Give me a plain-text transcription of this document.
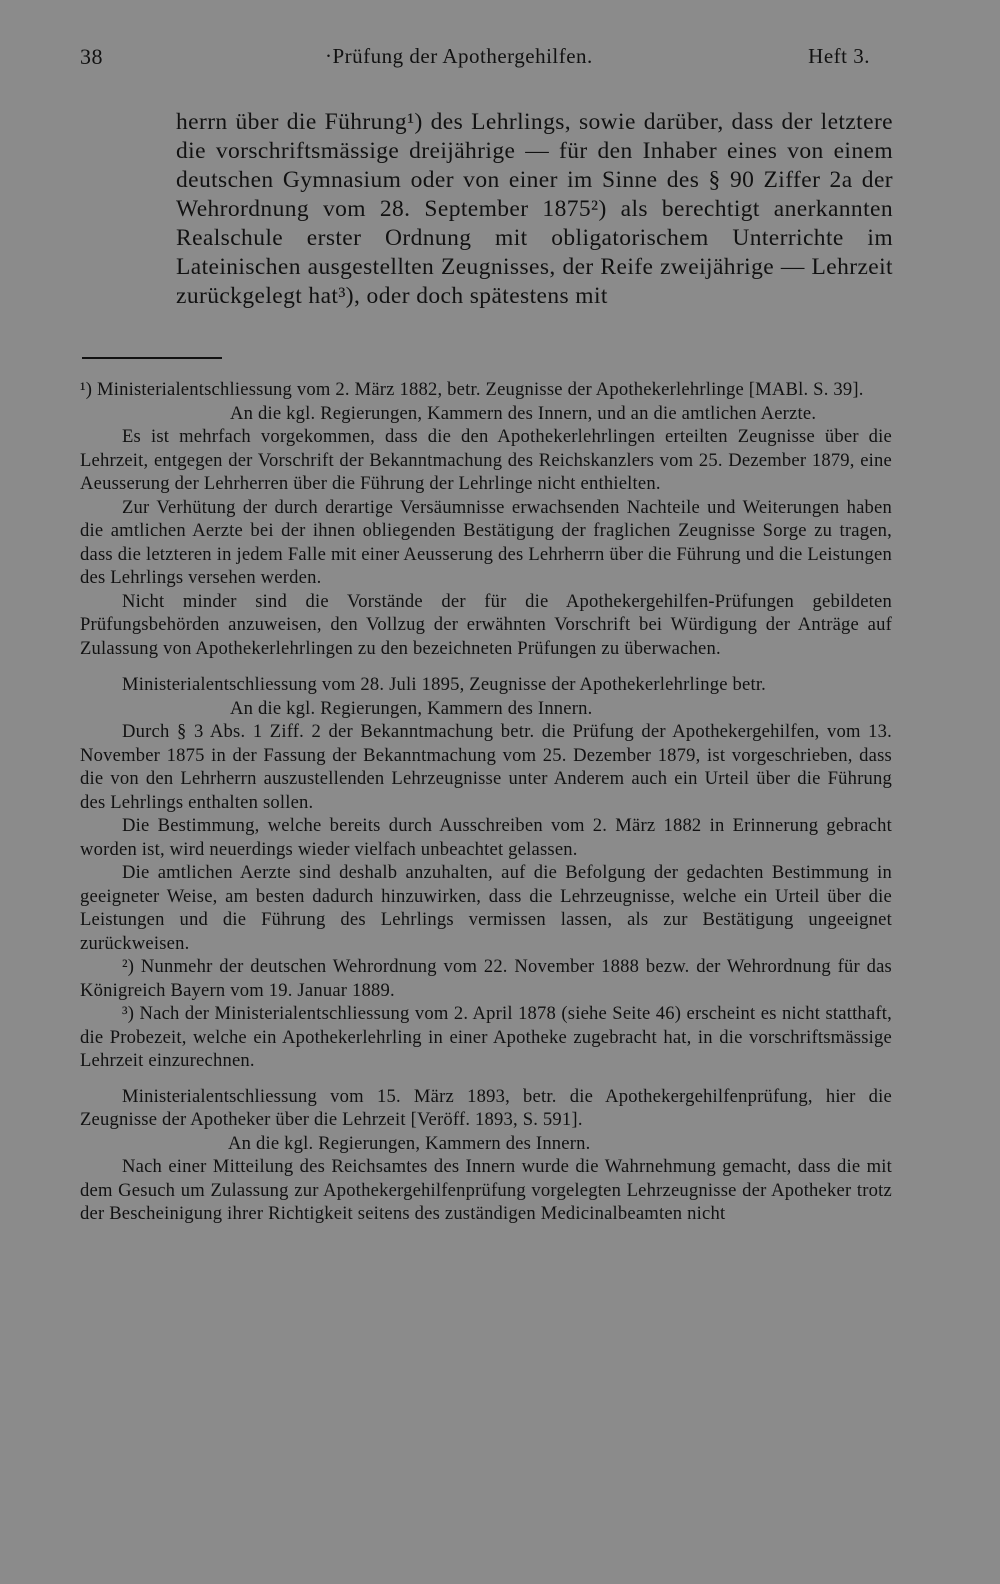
38	·Prüfung der Apothergehilfen.	Heft 3.

herrn über die Führung¹) des Lehrlings, sowie darüber, dass der letztere die vorschriftsmässige dreijährige — für den Inhaber eines von einem deutschen Gymnasium oder von einer im Sinne des § 90 Ziffer 2a der Wehrordnung vom 28. September 1875²) als berechtigt anerkannten Realschule erster Ordnung mit obligatorischem Unterrichte im Lateinischen ausgestellten Zeugnisses, der Reife zweijährige — Lehrzeit zurückgelegt hat³), oder doch spätestens mit

¹) Ministerialentschliessung vom 2. März 1882, betr. Zeugnisse der Apothekerlehrlinge [MABl. S. 39].

An die kgl. Regierungen, Kammern des Innern, und an die amtlichen Aerzte.

Es ist mehrfach vorgekommen, dass die den Apothekerlehrlingen erteilten Zeugnisse über die Lehrzeit, entgegen der Vorschrift der Bekanntmachung des Reichskanzlers vom 25. Dezember 1879, eine Aeusserung der Lehrherren über die Führung der Lehrlinge nicht enthielten.

Zur Verhütung der durch derartige Versäumnisse erwachsenden Nachteile und Weiterungen haben die amtlichen Aerzte bei der ihnen obliegenden Bestätigung der fraglichen Zeugnisse Sorge zu tragen, dass die letzteren in jedem Falle mit einer Aeusserung des Lehrherrn über die Führung und die Leistungen des Lehrlings versehen werden.

Nicht minder sind die Vorstände der für die Apothekergehilfen-Prüfungen gebildeten Prüfungsbehörden anzuweisen, den Vollzug der erwähnten Vorschrift bei Würdigung der Anträge auf Zulassung von Apothekerlehrlingen zu den bezeichneten Prüfungen zu überwachen.

Ministerialentschliessung vom 28. Juli 1895, Zeugnisse der Apothekerlehrlinge betr.

An die kgl. Regierungen, Kammern des Innern.

Durch § 3 Abs. 1 Ziff. 2 der Bekanntmachung betr. die Prüfung der Apothekergehilfen, vom 13. November 1875 in der Fassung der Bekanntmachung vom 25. Dezember 1879, ist vorgeschrieben, dass die von den Lehrherrn auszustellenden Lehrzeugnisse unter Anderem auch ein Urteil über die Führung des Lehrlings enthalten sollen.

Die Bestimmung, welche bereits durch Ausschreiben vom 2. März 1882 in Erinnerung gebracht worden ist, wird neuerdings wieder vielfach unbeachtet gelassen.

Die amtlichen Aerzte sind deshalb anzuhalten, auf die Befolgung der gedachten Bestimmung in geeigneter Weise, am besten dadurch hinzuwirken, dass die Lehrzeugnisse, welche ein Urteil über die Leistungen und die Führung des Lehrlings vermissen lassen, als zur Bestätigung ungeeignet zurückweisen.

²) Nunmehr der deutschen Wehrordnung vom 22. November 1888 bezw. der Wehrordnung für das Königreich Bayern vom 19. Januar 1889.

³) Nach der Ministerialentschliessung vom 2. April 1878 (siehe Seite 46) erscheint es nicht statthaft, die Probezeit, welche ein Apothekerlehrling in einer Apotheke zugebracht hat, in die vorschriftsmässige Lehrzeit einzurechnen.

Ministerialentschliessung vom 15. März 1893, betr. die Apothekergehilfenprüfung, hier die Zeugnisse der Apotheker über die Lehrzeit [Veröff. 1893, S. 591].

An die kgl. Regierungen, Kammern des Innern.

Nach einer Mitteilung des Reichsamtes des Innern wurde die Wahrnehmung gemacht, dass die mit dem Gesuch um Zulassung zur Apothekergehilfenprüfung vorgelegten Lehrzeugnisse der Apotheker trotz der Bescheinigung ihrer Richtigkeit seitens des zuständigen Medicinalbeamten nicht
